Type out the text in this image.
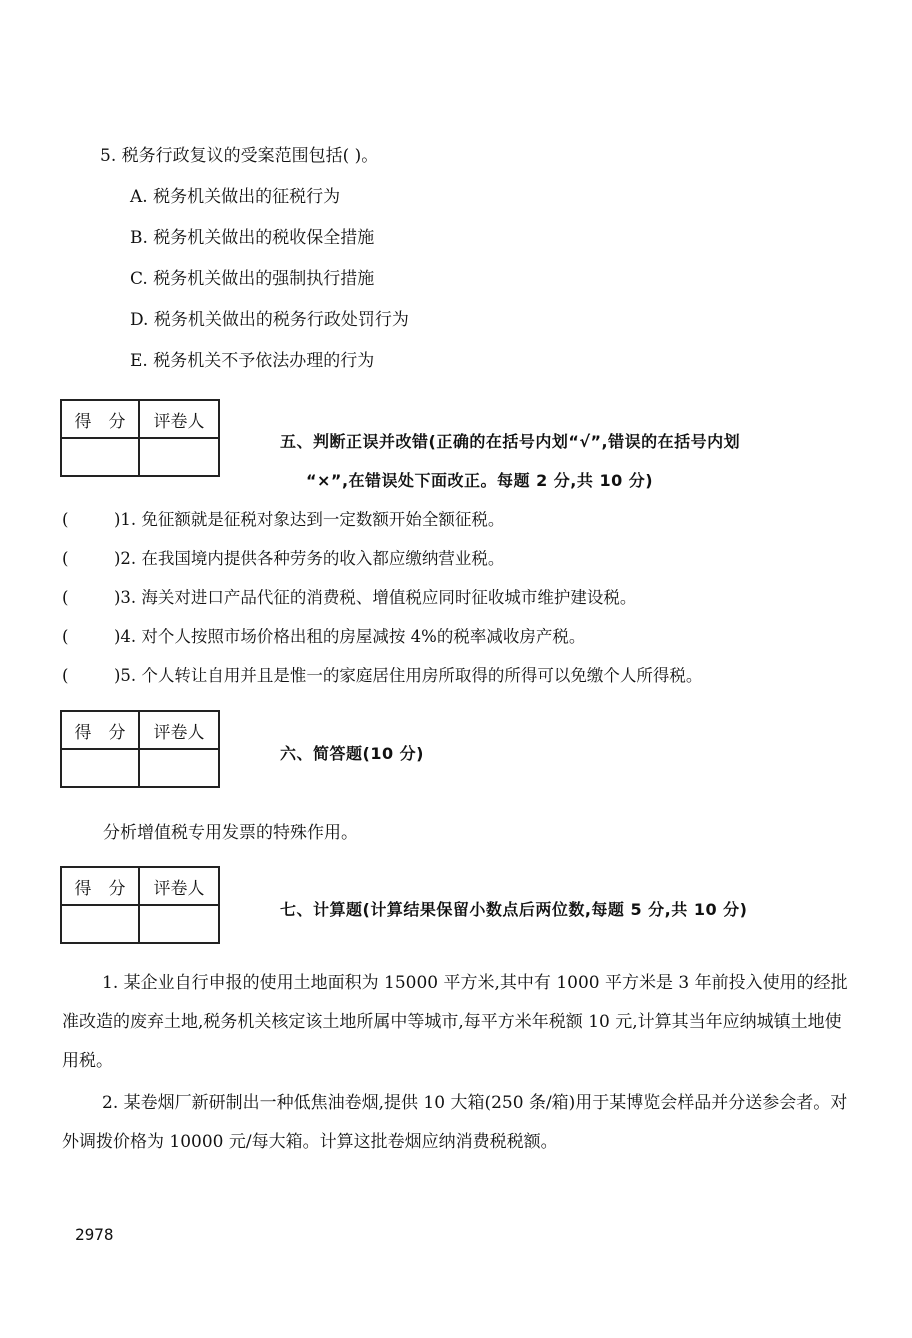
5. 税务行政复议的受案范围包括( )。
A. 税务机关做出的征税行为
B. 税务机关做出的税收保全措施
C. 税务机关做出的强制执行措施
D. 税务机关做出的税务行政处罚行为
E. 税务机关不予依法办理的行为
得　分	评卷人

五、判断正误并改错(正确的在括号内划“√”,错误的在括号内划
“×”,在错误处下面改正。每题 2 分,共 10 分)
(	)1. 免征额就是征税对象达到一定数额开始全额征税。
(	)2. 在我国境内提供各种劳务的收入都应缴纳营业税。
(	)3. 海关对进口产品代征的消费税、增值税应同时征收城市维护建设税。
(	)4. 对个人按照市场价格出租的房屋减按 4%的税率减收房产税。
(	)5. 个人转让自用并且是惟一的家庭居住用房所取得的所得可以免缴个人所得税。
得　分	评卷人

六、简答题(10 分)
分析增值税专用发票的特殊作用。
得　分	评卷人

七、计算题(计算结果保留小数点后两位数,每题 5 分,共 10 分)

1. 某企业自行申报的使用土地面积为 15000 平方米,其中有 1000 平方米是 3 年前投入使用的经批准改造的废弃土地,税务机关核定该土地所属中等城市,每平方米年税额 10 元,计算其当年应纳城镇土地使用税。

2. 某卷烟厂新研制出一种低焦油卷烟,提供 10 大箱(250 条/箱)用于某博览会样品并分送参会者。对外调拨价格为 10000 元/每大箱。计算这批卷烟应纳消费税税额。

2978
